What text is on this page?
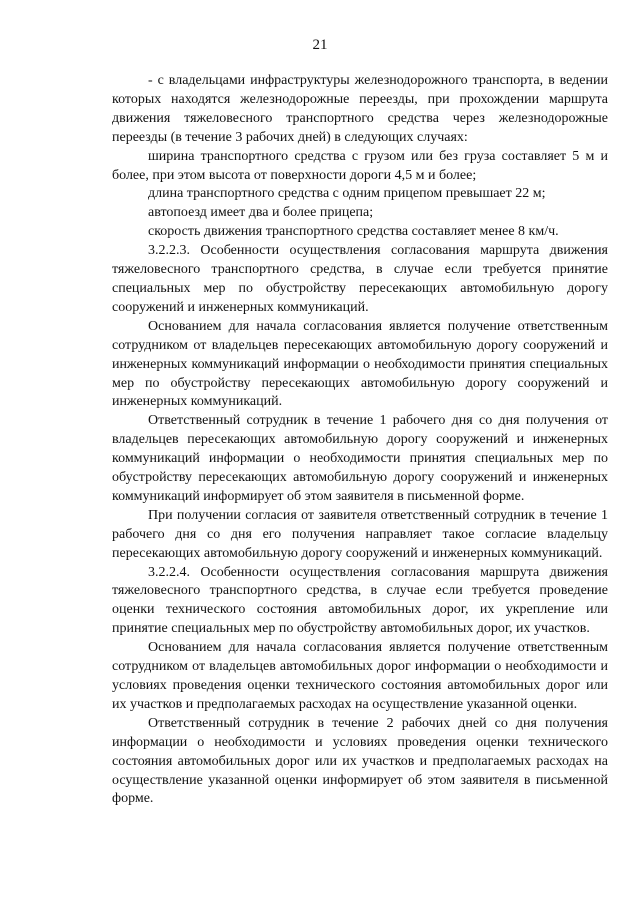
21

- с владельцами инфраструктуры железнодорожного транспорта, в ведении которых находятся железнодорожные переезды, при прохождении маршрута движения тяжеловесного транспортного средства через железнодорожные переезды (в течение 3 рабочих дней) в следующих случаях:

ширина транспортного средства с грузом или без груза составляет 5 м и более, при этом высота от поверхности дороги 4,5 м и более;

длина транспортного средства с одним прицепом превышает 22 м;

автопоезд имеет два и более прицепа;

скорость движения транспортного средства составляет менее 8 км/ч.

3.2.2.3. Особенности осуществления согласования маршрута движения тяжеловесного транспортного средства, в случае если требуется принятие специальных мер по обустройству пересекающих автомобильную дорогу сооружений и инженерных коммуникаций.

Основанием для начала согласования является получение ответственным сотрудником от владельцев пересекающих автомобильную дорогу сооружений и инженерных коммуникаций информации о необходимости принятия специальных мер по обустройству пересекающих автомобильную дорогу сооружений и инженерных коммуникаций.

Ответственный сотрудник в течение 1 рабочего дня со дня получения от владельцев пересекающих автомобильную дорогу сооружений и инженерных коммуникаций информации о необходимости принятия специальных мер по обустройству пересекающих автомобильную дорогу сооружений и инженерных коммуникаций информирует об этом заявителя в письменной форме.

При получении согласия от заявителя ответственный сотрудник в течение 1 рабочего дня со дня его получения направляет такое согласие владельцу пересекающих автомобильную дорогу сооружений и инженерных коммуникаций.

3.2.2.4. Особенности осуществления согласования маршрута движения тяжеловесного транспортного средства, в случае если требуется проведение оценки технического состояния автомобильных дорог, их укрепление или принятие специальных мер по обустройству автомобильных дорог, их участков.

Основанием для начала согласования является получение ответственным сотрудником от владельцев автомобильных дорог информации о необходимости и условиях проведения оценки технического состояния автомобильных дорог или их участков и предполагаемых расходах на осуществление указанной оценки.

Ответственный сотрудник в течение 2 рабочих дней со дня получения информации о необходимости и условиях проведения оценки технического состояния автомобильных дорог или их участков и предполагаемых расходах на осуществление указанной оценки информирует об этом заявителя в письменной форме.
